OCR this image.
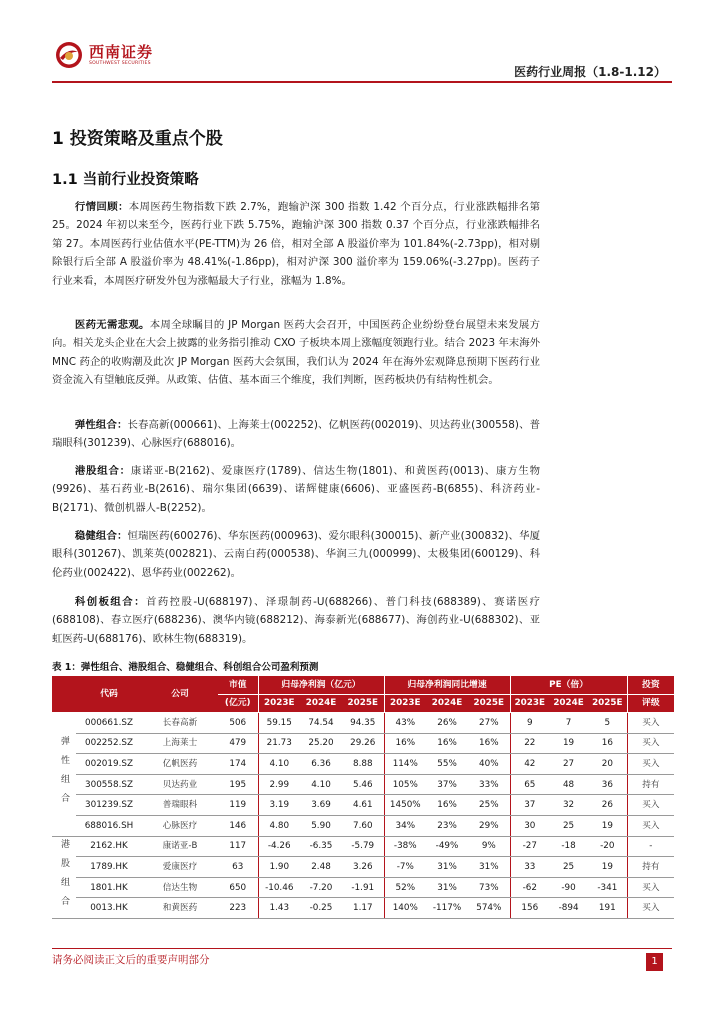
西南证券
SOUTHWEST SECURITIES
医药行业周报（1.8-1.12）
1 投资策略及重点个股
1.1 当前行业投资策略
行情回顾：本周医药生物指数下跌 2.7%，跑输沪深 300 指数 1.42 个百分点，行业涨跌幅排名第 25。2024 年初以来至今，医药行业下跌 5.75%，跑输沪深 300 指数 0.37 个百分点，行业涨跌幅排名第 27。本周医药行业估值水平(PE-TTM)为 26 倍，相对全部 A 股溢价率为 101.84%(-2.73pp)，相对剔除银行后全部 A 股溢价率为 48.41%(-1.86pp)，相对沪深 300 溢价率为 159.06%(-3.27pp)。医药子行业来看，本周医疗研发外包为涨幅最大子行业，涨幅为 1.8%。
医药无需悲观。本周全球瞩目的 JP Morgan 医药大会召开，中国医药企业纷纷登台展望未来发展方向。相关龙头企业在大会上披露的业务指引推动 CXO 子板块本周上涨幅度领跑行业。结合 2023 年末海外 MNC 药企的收购潮及此次 JP Morgan 医药大会氛围，我们认为 2024 年在海外宏观降息预期下医药行业资金流入有望触底反弹。从政策、估值、基本面三个维度，我们判断，医药板块仍有结构性机会。
弹性组合：长春高新(000661)、上海莱士(002252)、亿帆医药(002019)、贝达药业(300558)、普瑞眼科(301239)、心脉医疗(688016)。
港股组合：康诺亚-B(2162)、爱康医疗(1789)、信达生物(1801)、和黄医药(0013)、康方生物(9926)、基石药业-B(2616)、瑞尔集团(6639)、诺辉健康(6606)、亚盛医药-B(6855)、科济药业-B(2171)、微创机器人-B(2252)。
稳健组合：恒瑞医药(600276)、华东医药(000963)、爱尔眼科(300015)、新产业(300832)、华厦眼科(301267)、凯莱英(002821)、云南白药(000538)、华润三九(000999)、太极集团(600129)、科伦药业(002422)、恩华药业(002262)。
科创板组合：首药控股-U(688197)、泽璟制药-U(688266)、普门科技(688389)、赛诺医疗(688108)、春立医疗(688236)、澳华内镜(688212)、海泰新光(688677)、海创药业-U(688302)、亚虹医药-U(688176)、欧林生物(688319)。
表 1：弹性组合、港股组合、稳健组合、科创组合公司盈利预测
	代码	公司	市值	归母净利润（亿元）			归母净利润同比增速			PE（倍）			投资
			(亿元)	2023E	2024E	2025E	2023E	2024E	2025E	2023E	2024E	2025E	评级
弹性组合	000661.SZ	长春高新	506	59.15	74.54	94.35	43%	26%	27%	9	7	5	买入
	002252.SZ	上海莱士	479	21.73	25.20	29.26	16%	16%	16%	22	19	16	买入
	002019.SZ	亿帆医药	174	4.10	6.36	8.88	114%	55%	40%	42	27	20	买入
	300558.SZ	贝达药业	195	2.99	4.10	5.46	105%	37%	33%	65	48	36	持有
	301239.SZ	普瑞眼科	119	3.19	3.69	4.61	1450%	16%	25%	37	32	26	买入
	688016.SH	心脉医疗	146	4.80	5.90	7.60	34%	23%	29%	30	25	19	买入
港股组合	2162.HK	康诺亚-B	117	-4.26	-6.35	-5.79	-38%	-49%	9%	-27	-18	-20	-
	1789.HK	爱康医疗	63	1.90	2.48	3.26	-7%	31%	31%	33	25	19	持有
	1801.HK	信达生物	650	-10.46	-7.20	-1.91	52%	31%	73%	-62	-90	-341	买入
	0013.HK	和黄医药	223	1.43	-0.25	1.17	140%	-117%	574%	156	-894	191	买入
请务必阅读正文后的重要声明部分	1
